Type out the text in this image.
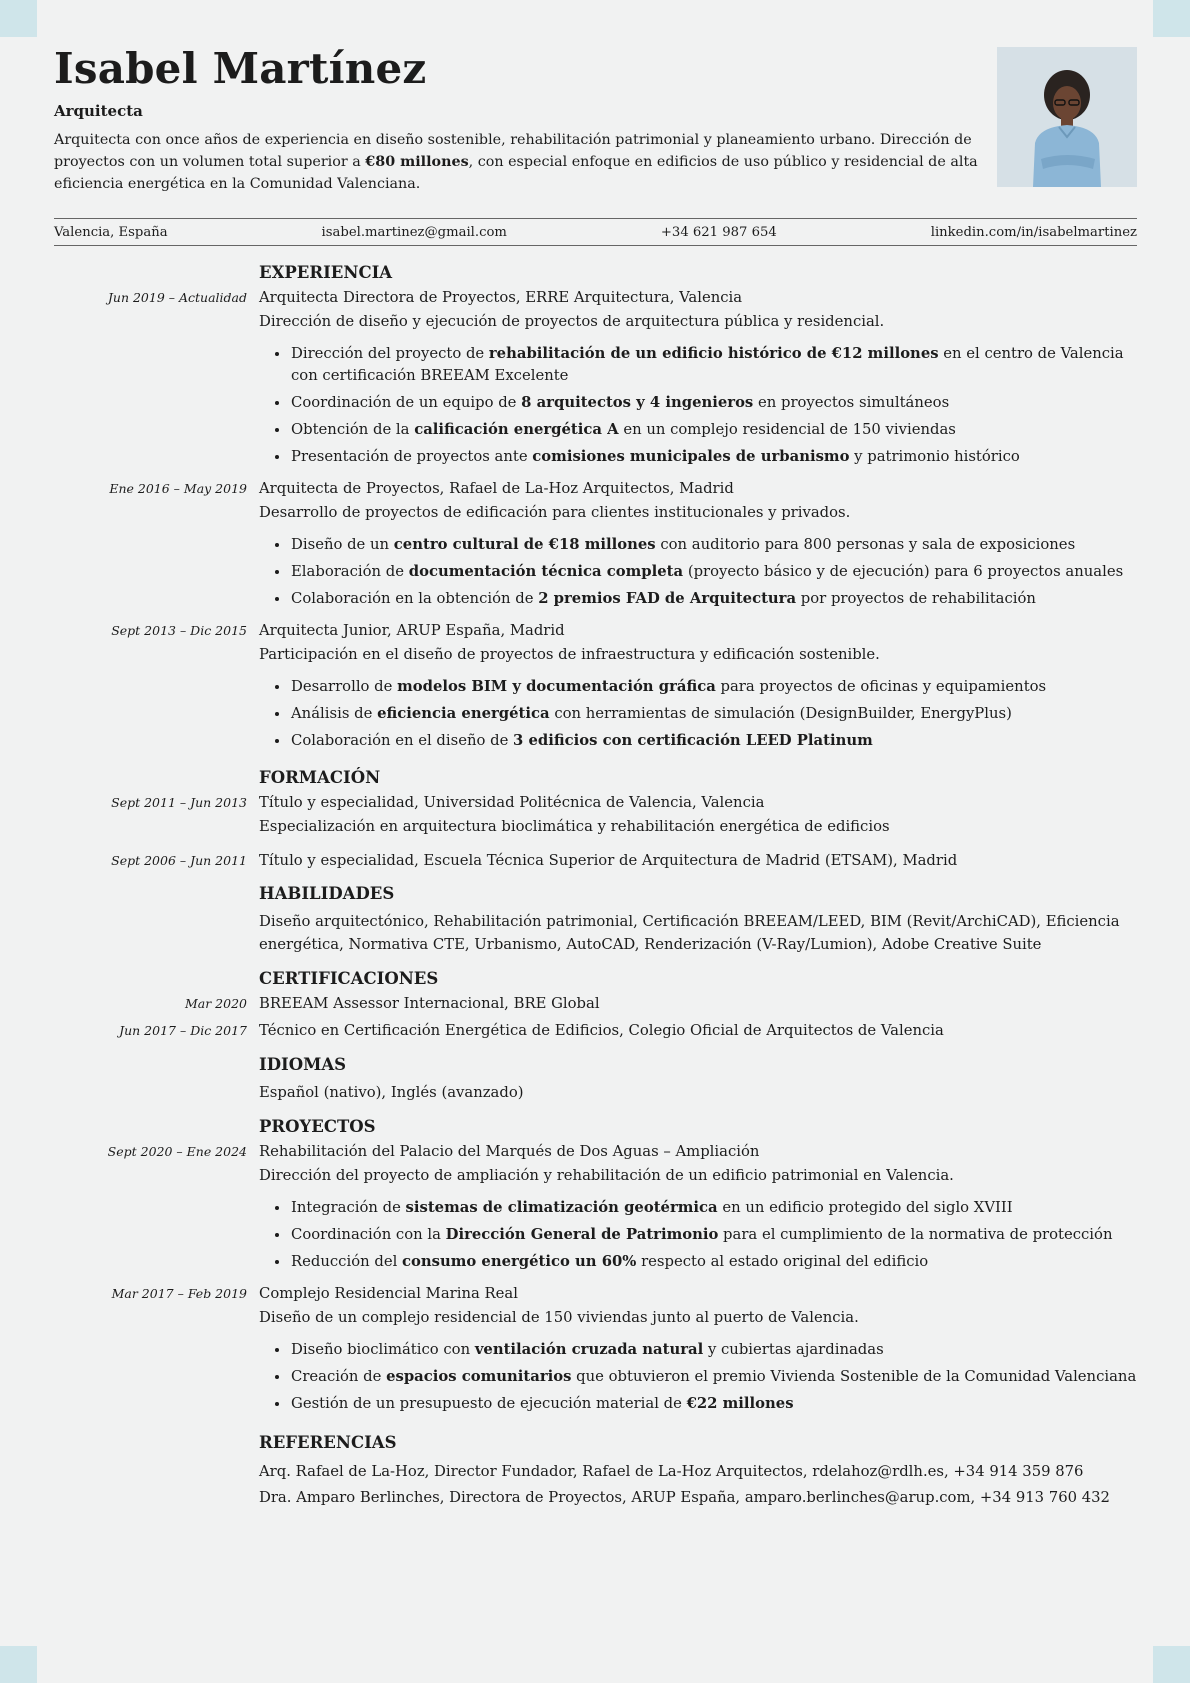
Isabel Martínez
Arquitecta
Arquitecta con once años de experiencia en diseño sostenible, rehabilitación patrimonial y planeamiento urbano. Dirección de proyectos con un volumen total superior a €80 millones, con especial enfoque en edificios de uso público y residencial de alta eficiencia energética en la Comunidad Valenciana.
Valencia, España	isabel.martinez@gmail.com	+34 621 987 654	linkedin.com/in/isabelmartinez
EXPERIENCIA
Jun 2019 – Actualidad Arquitecta Directora de Proyectos, ERRE Arquitectura, Valencia
Dirección de diseño y ejecución de proyectos de arquitectura pública y residencial.
• Dirección del proyecto de rehabilitación de un edificio histórico de €12 millones en el centro de Valencia con certificación BREEAM Excelente
• Coordinación de un equipo de 8 arquitectos y 4 ingenieros en proyectos simultáneos
• Obtención de la calificación energética A en un complejo residencial de 150 viviendas
• Presentación de proyectos ante comisiones municipales de urbanismo y patrimonio histórico
Ene 2016 – May 2019 Arquitecta de Proyectos, Rafael de La-Hoz Arquitectos, Madrid
Desarrollo de proyectos de edificación para clientes institucionales y privados.
• Diseño de un centro cultural de €18 millones con auditorio para 800 personas y sala de exposiciones
• Elaboración de documentación técnica completa (proyecto básico y de ejecución) para 6 proyectos anuales
• Colaboración en la obtención de 2 premios FAD de Arquitectura por proyectos de rehabilitación
Sept 2013 – Dic 2015 Arquitecta Junior, ARUP España, Madrid
Participación en el diseño de proyectos de infraestructura y edificación sostenible.
• Desarrollo de modelos BIM y documentación gráfica para proyectos de oficinas y equipamientos
• Análisis de eficiencia energética con herramientas de simulación (DesignBuilder, EnergyPlus)
• Colaboración en el diseño de 3 edificios con certificación LEED Platinum
FORMACIÓN
Sept 2011 – Jun 2013 Título y especialidad, Universidad Politécnica de Valencia, Valencia
Especialización en arquitectura bioclimática y rehabilitación energética de edificios
Sept 2006 – Jun 2011 Título y especialidad, Escuela Técnica Superior de Arquitectura de Madrid (ETSAM), Madrid
HABILIDADES
Diseño arquitectónico, Rehabilitación patrimonial, Certificación BREEAM/LEED, BIM (Revit/ArchiCAD), Eficiencia energética, Normativa CTE, Urbanismo, AutoCAD, Renderización (V-Ray/Lumion), Adobe Creative Suite
CERTIFICACIONES
Mar 2020 BREEAM Assessor Internacional, BRE Global
Jun 2017 – Dic 2017 Técnico en Certificación Energética de Edificios, Colegio Oficial de Arquitectos de Valencia
IDIOMAS
Español (nativo), Inglés (avanzado)
PROYECTOS
Sept 2020 – Ene 2024 Rehabilitación del Palacio del Marqués de Dos Aguas – Ampliación
Dirección del proyecto de ampliación y rehabilitación de un edificio patrimonial en Valencia.
• Integración de sistemas de climatización geotérmica en un edificio protegido del siglo XVIII
• Coordinación con la Dirección General de Patrimonio para el cumplimiento de la normativa de protección
• Reducción del consumo energético un 60% respecto al estado original del edificio
Mar 2017 – Feb 2019 Complejo Residencial Marina Real
Diseño de un complejo residencial de 150 viviendas junto al puerto de Valencia.
• Diseño bioclimático con ventilación cruzada natural y cubiertas ajardinadas
• Creación de espacios comunitarios que obtuvieron el premio Vivienda Sostenible de la Comunidad Valenciana
• Gestión de un presupuesto de ejecución material de €22 millones
REFERENCIAS
Arq. Rafael de La-Hoz, Director Fundador, Rafael de La-Hoz Arquitectos, rdelahoz@rdlh.es, +34 914 359 876
Dra. Amparo Berlinches, Directora de Proyectos, ARUP España, amparo.berlinches@arup.com, +34 913 760 432
